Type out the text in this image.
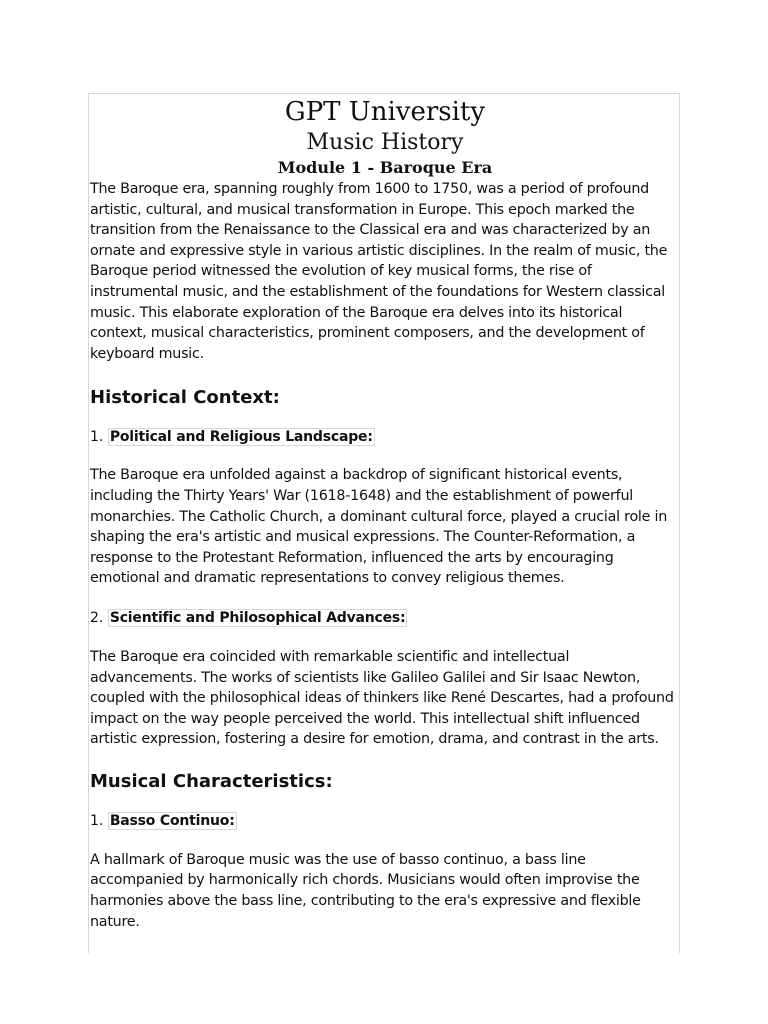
GPT University
Music History
Module 1 - Baroque Era

The Baroque era, spanning roughly from 1600 to 1750, was a period of profound artistic, cultural, and musical transformation in Europe. This epoch marked the transition from the Renaissance to the Classical era and was characterized by an ornate and expressive style in various artistic disciplines. In the realm of music, the Baroque period witnessed the evolution of key musical forms, the rise of instrumental music, and the establishment of the foundations for Western classical music. This elaborate exploration of the Baroque era delves into its historical context, musical characteristics, prominent composers, and the development of keyboard music.

Historical Context:

1. Political and Religious Landscape:

The Baroque era unfolded against a backdrop of significant historical events, including the Thirty Years' War (1618-1648) and the establishment of powerful monarchies. The Catholic Church, a dominant cultural force, played a crucial role in shaping the era's artistic and musical expressions. The Counter-Reformation, a response to the Protestant Reformation, influenced the arts by encouraging emotional and dramatic representations to convey religious themes.

2. Scientific and Philosophical Advances:

The Baroque era coincided with remarkable scientific and intellectual advancements. The works of scientists like Galileo Galilei and Sir Isaac Newton, coupled with the philosophical ideas of thinkers like René Descartes, had a profound impact on the way people perceived the world. This intellectual shift influenced artistic expression, fostering a desire for emotion, drama, and contrast in the arts.

Musical Characteristics:

1. Basso Continuo:

A hallmark of Baroque music was the use of basso continuo, a bass line accompanied by harmonically rich chords. Musicians would often improvise the harmonies above the bass line, contributing to the era's expressive and flexible nature.
